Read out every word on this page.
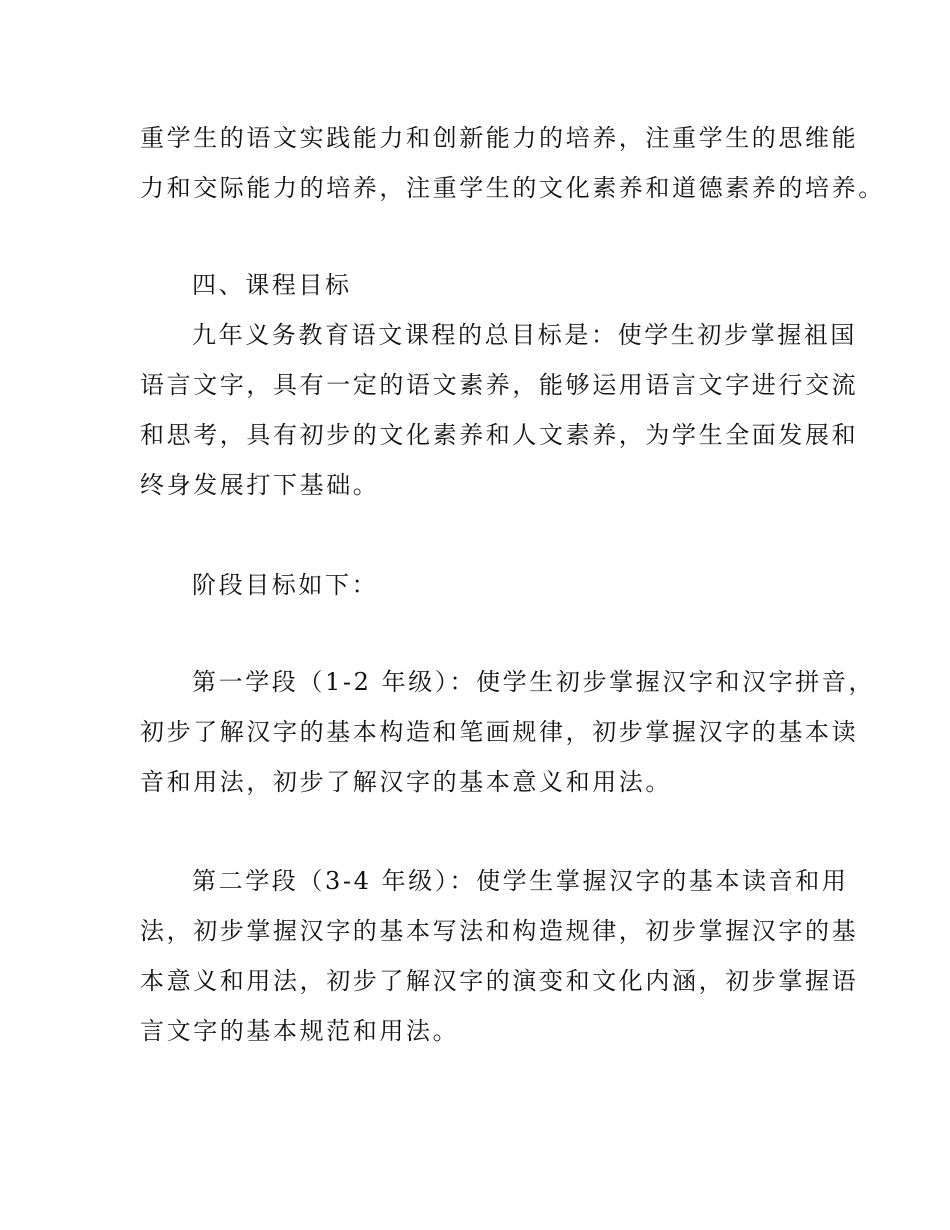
重学生的语文实践能力和创新能力的培养，注重学生的思维能
力和交际能力的培养，注重学生的文化素养和道德素养的培养。
四、课程目标
九年义务教育语文课程的总目标是：使学生初步掌握祖国
语言文字，具有一定的语文素养，能够运用语言文字进行交流
和思考，具有初步的文化素养和人文素养，为学生全面发展和
终身发展打下基础。
阶段目标如下：
第一学段（1-2 年级）：使学生初步掌握汉字和汉字拼音，
初步了解汉字的基本构造和笔画规律，初步掌握汉字的基本读
音和用法，初步了解汉字的基本意义和用法。
第二学段（3-4 年级）：使学生掌握汉字的基本读音和用
法，初步掌握汉字的基本写法和构造规律，初步掌握汉字的基
本意义和用法，初步了解汉字的演变和文化内涵，初步掌握语
言文字的基本规范和用法。
